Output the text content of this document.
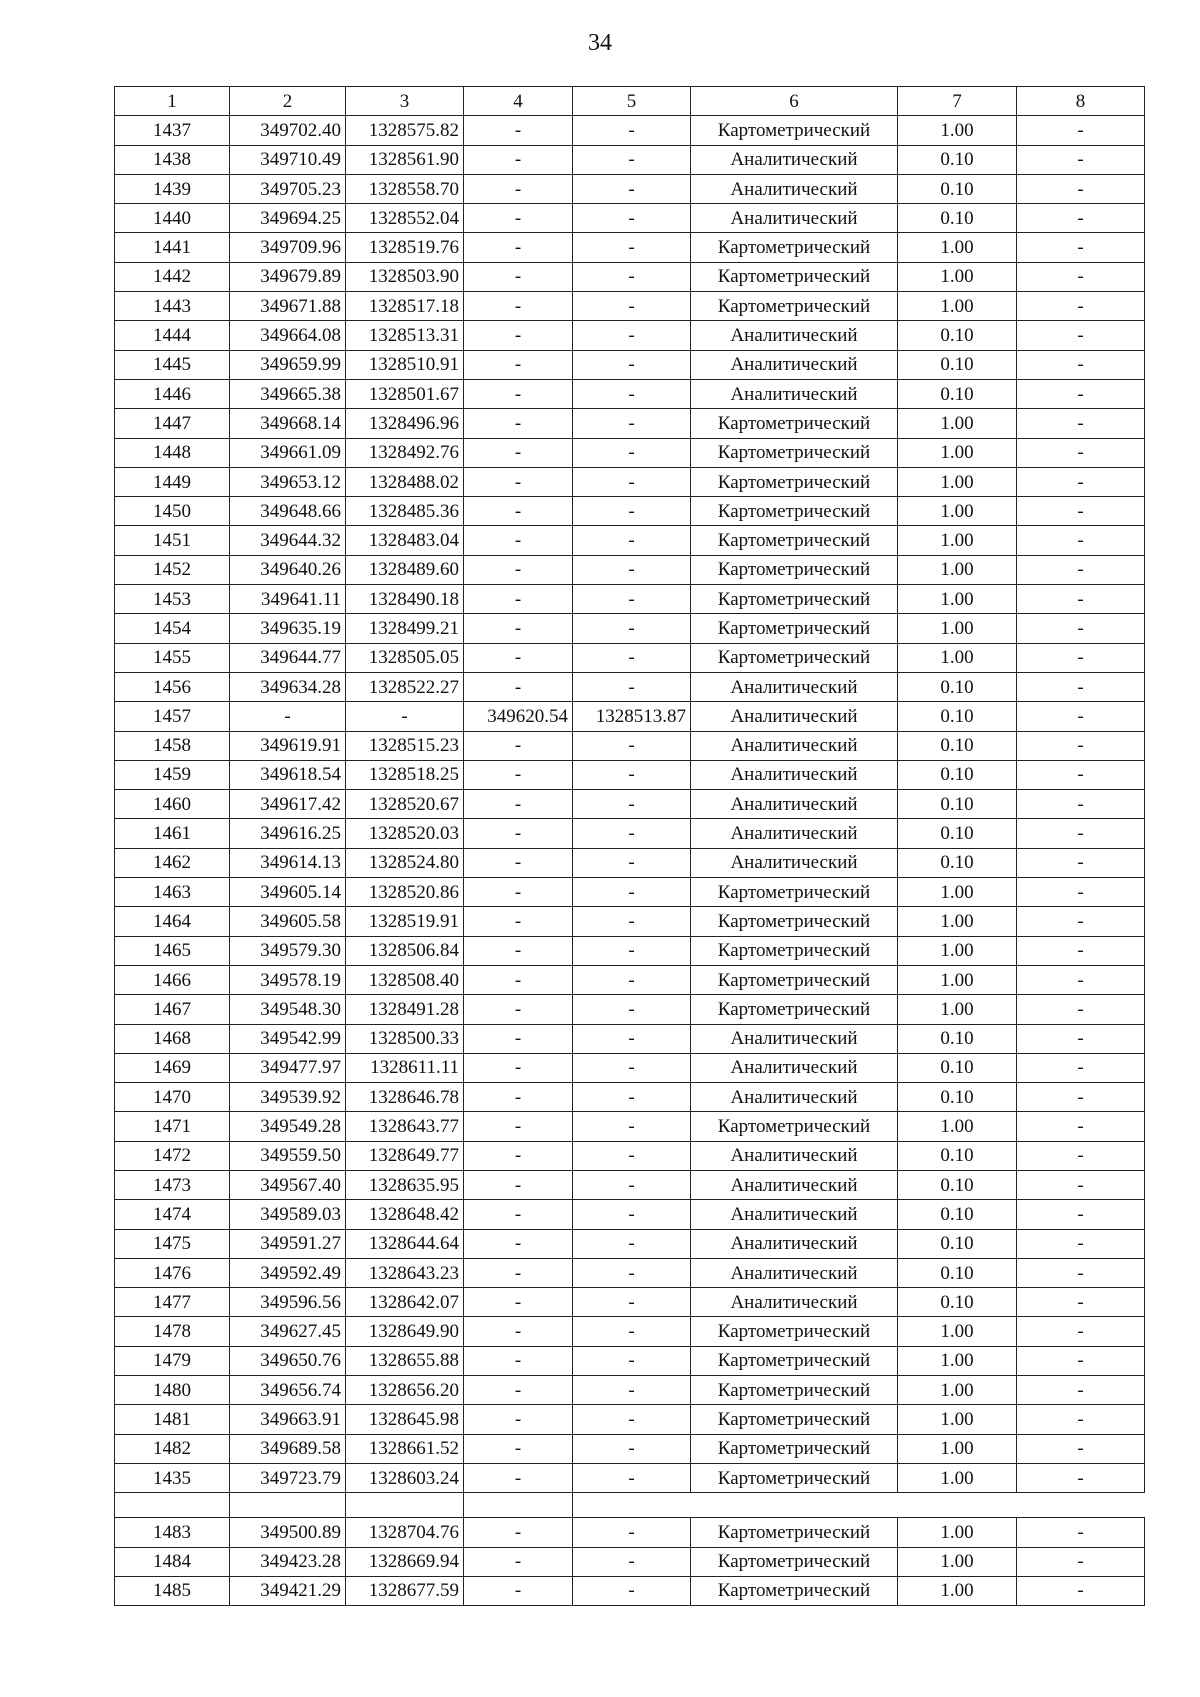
34
1	2	3	4	5	6	7	8
1437	349702.40	1328575.82	-	-	Картометрический	1.00	-
1438	349710.49	1328561.90	-	-	Аналитический	0.10	-
1439	349705.23	1328558.70	-	-	Аналитический	0.10	-
1440	349694.25	1328552.04	-	-	Аналитический	0.10	-
1441	349709.96	1328519.76	-	-	Картометрический	1.00	-
1442	349679.89	1328503.90	-	-	Картометрический	1.00	-
1443	349671.88	1328517.18	-	-	Картометрический	1.00	-
1444	349664.08	1328513.31	-	-	Аналитический	0.10	-
1445	349659.99	1328510.91	-	-	Аналитический	0.10	-
1446	349665.38	1328501.67	-	-	Аналитический	0.10	-
1447	349668.14	1328496.96	-	-	Картометрический	1.00	-
1448	349661.09	1328492.76	-	-	Картометрический	1.00	-
1449	349653.12	1328488.02	-	-	Картометрический	1.00	-
1450	349648.66	1328485.36	-	-	Картометрический	1.00	-
1451	349644.32	1328483.04	-	-	Картометрический	1.00	-
1452	349640.26	1328489.60	-	-	Картометрический	1.00	-
1453	349641.11	1328490.18	-	-	Картометрический	1.00	-
1454	349635.19	1328499.21	-	-	Картометрический	1.00	-
1455	349644.77	1328505.05	-	-	Картометрический	1.00	-
1456	349634.28	1328522.27	-	-	Аналитический	0.10	-
1457	-	-	349620.54	1328513.87	Аналитический	0.10	-
1458	349619.91	1328515.23	-	-	Аналитический	0.10	-
1459	349618.54	1328518.25	-	-	Аналитический	0.10	-
1460	349617.42	1328520.67	-	-	Аналитический	0.10	-
1461	349616.25	1328520.03	-	-	Аналитический	0.10	-
1462	349614.13	1328524.80	-	-	Аналитический	0.10	-
1463	349605.14	1328520.86	-	-	Картометрический	1.00	-
1464	349605.58	1328519.91	-	-	Картометрический	1.00	-
1465	349579.30	1328506.84	-	-	Картометрический	1.00	-
1466	349578.19	1328508.40	-	-	Картометрический	1.00	-
1467	349548.30	1328491.28	-	-	Картометрический	1.00	-
1468	349542.99	1328500.33	-	-	Аналитический	0.10	-
1469	349477.97	1328611.11	-	-	Аналитический	0.10	-
1470	349539.92	1328646.78	-	-	Аналитический	0.10	-
1471	349549.28	1328643.77	-	-	Картометрический	1.00	-
1472	349559.50	1328649.77	-	-	Аналитический	0.10	-
1473	349567.40	1328635.95	-	-	Аналитический	0.10	-
1474	349589.03	1328648.42	-	-	Аналитический	0.10	-
1475	349591.27	1328644.64	-	-	Аналитический	0.10	-
1476	349592.49	1328643.23	-	-	Аналитический	0.10	-
1477	349596.56	1328642.07	-	-	Аналитический	0.10	-
1478	349627.45	1328649.90	-	-	Картометрический	1.00	-
1479	349650.76	1328655.88	-	-	Картометрический	1.00	-
1480	349656.74	1328656.20	-	-	Картометрический	1.00	-
1481	349663.91	1328645.98	-	-	Картометрический	1.00	-
1482	349689.58	1328661.52	-	-	Картометрический	1.00	-
1435	349723.79	1328603.24	-	-	Картометрический	1.00	-

1483	349500.89	1328704.76	-	-	Картометрический	1.00	-
1484	349423.28	1328669.94	-	-	Картометрический	1.00	-
1485	349421.29	1328677.59	-	-	Картометрический	1.00	-
